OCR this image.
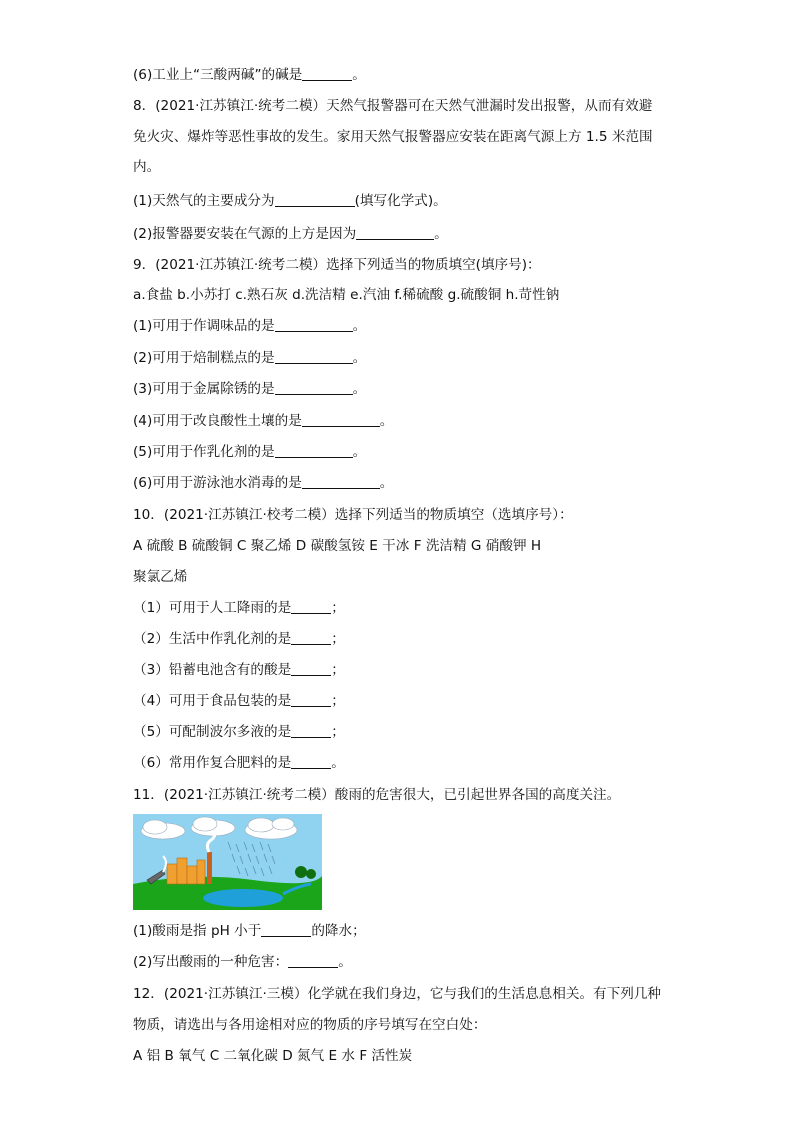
(6)工业上“三酸两碱”的碱是	。
8．(2021·江苏镇江·统考二模）天然气报警器可在天然气泄漏时发出报警，从而有效避
免火灾、爆炸等恶性事故的发生。家用天然气报警器应安装在距离气源上方 1.5 米范围
内。
(1)天然气的主要成分为	(填写化学式)。
(2)报警器要安装在气源的上方是因为	。
9．(2021·江苏镇江·统考二模）选择下列适当的物质填空(填序号)：
a.食盐 b.小苏打 c.熟石灰 d.洗洁精 e.汽油 f.稀硫酸 g.硫酸铜 h.苛性钠
(1)可用于作调味品的是	。
(2)可用于焙制糕点的是	。
(3)可用于金属除锈的是	。
(4)可用于改良酸性土壤的是	。
(5)可用于作乳化剂的是	。
(6)可用于游泳池水消毒的是	。
10．(2021·江苏镇江·校考二模）选择下列适当的物质填空（选填序号）：
A 硫酸 B 硫酸铜 C 聚乙烯 D 碳酸氢铵 E 干冰 F 洗洁精 G 硝酸钾 H
聚氯乙烯
（1）可用于人工降雨的是	；
（2）生活中作乳化剂的是	；
（3）铅蓄电池含有的酸是	；
（4）可用于食品包装的是	；
（5）可配制波尔多液的是	；
（6）常用作复合肥料的是	。
11．(2021·江苏镇江·统考二模）酸雨的危害很大，已引起世界各国的高度关注。
(1)酸雨是指 pH 小于	的降水；
(2)写出酸雨的一种危害：	。
12．(2021·江苏镇江·三模）化学就在我们身边，它与我们的生活息息相关。有下列几种
物质，请选出与各用途相对应的物质的序号填写在空白处：
A 铝 B 氧气 C 二氧化碳 D 氮气 E 水 F 活性炭
